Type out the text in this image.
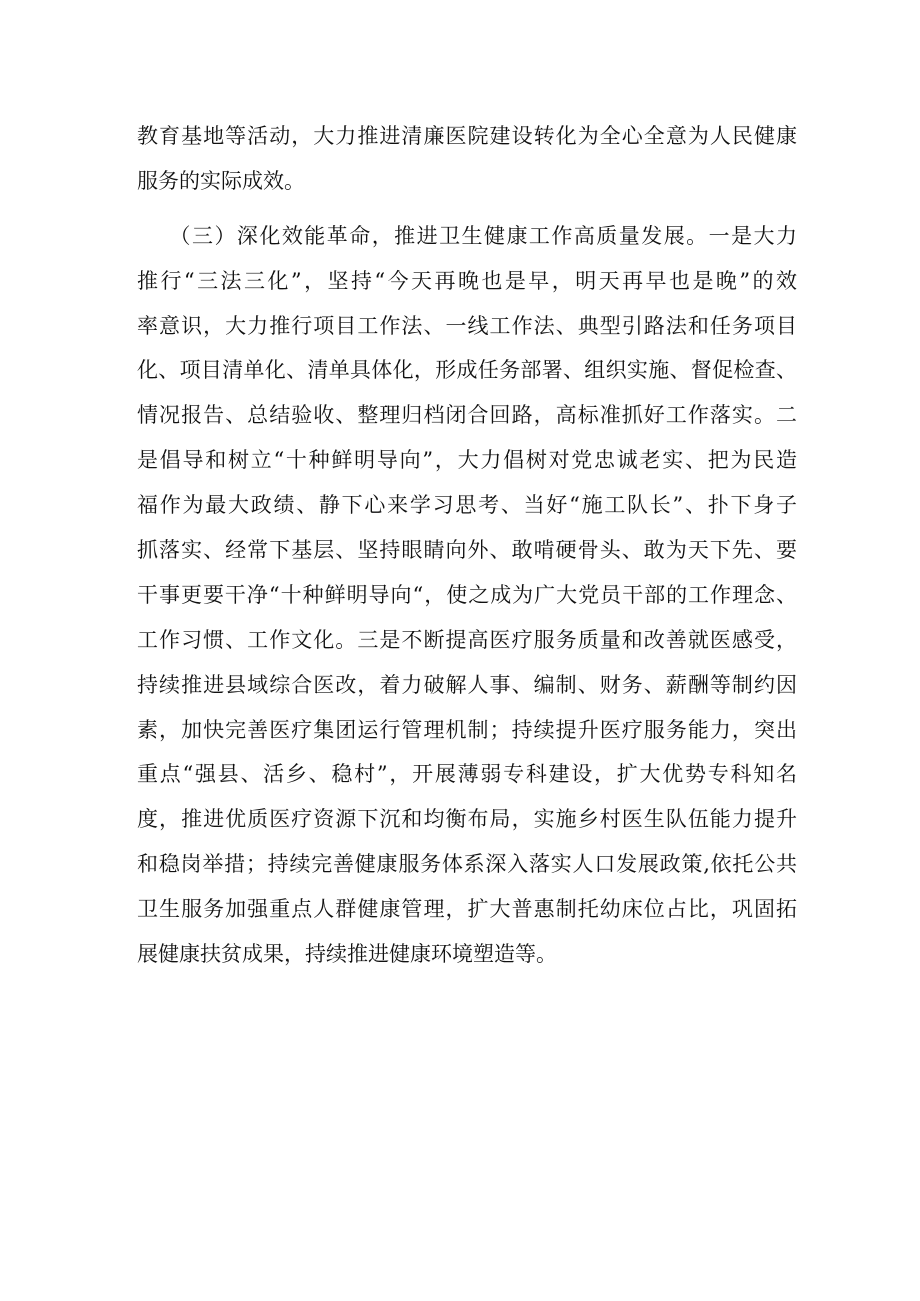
教育基地等活动，大力推进清廉医院建设转化为全心全意为人民健康
服务的实际成效。
（三）深化效能革命，推进卫生健康工作高质量发展。一是大力
推行“三法三化”，坚持“今天再晚也是早，明天再早也是晚”的效
率意识，大力推行项目工作法、一线工作法、典型引路法和任务项目
化、项目清单化、清单具体化，形成任务部署、组织实施、督促检查、
情况报告、总结验收、整理归档闭合回路，高标准抓好工作落实。二
是倡导和树立“十种鲜明导向”，大力倡树对党忠诚老实、把为民造
福作为最大政绩、静下心来学习思考、当好“施工队长”、扑下身子
抓落实、经常下基层、坚持眼睛向外、敢啃硬骨头、敢为天下先、要
干事更要干净“十种鲜明导向“，使之成为广大党员干部的工作理念、
工作习惯、工作文化。三是不断提高医疗服务质量和改善就医感受，
持续推进县域综合医改，着力破解人事、编制、财务、薪酬等制约因
素，加快完善医疗集团运行管理机制；持续提升医疗服务能力，突出
重点“强县、活乡、稳村”，开展薄弱专科建设，扩大优势专科知名
度，推进优质医疗资源下沉和均衡布局，实施乡村医生队伍能力提升
和稳岗举措；持续完善健康服务体系深入落实人口发展政策,依托公共
卫生服务加强重点人群健康管理，扩大普惠制托幼床位占比，巩固拓
展健康扶贫成果，持续推进健康环境塑造等。
